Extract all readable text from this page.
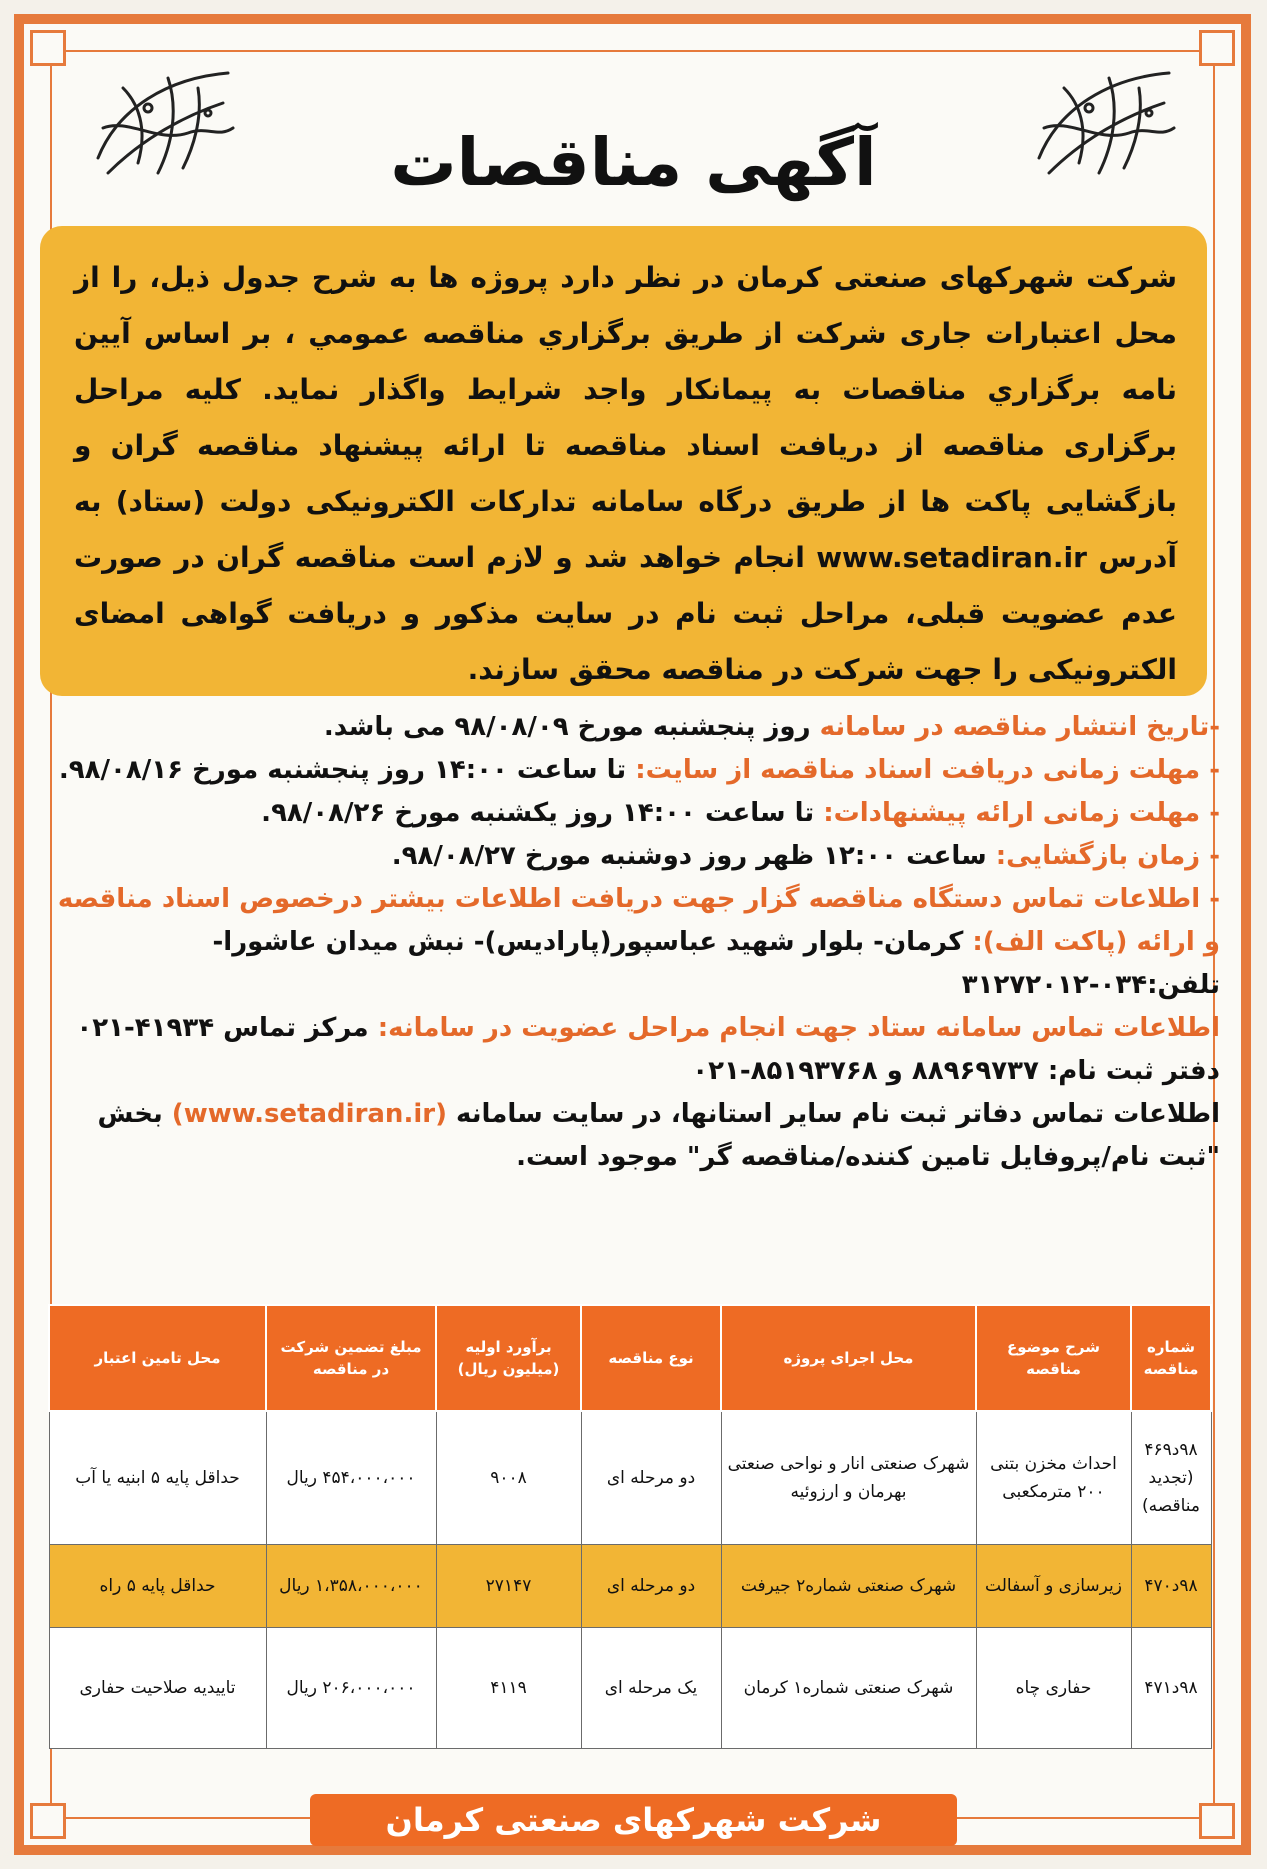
آگهی مناقصات
شرکت شهرکهای صنعتی کرمان در نظر دارد پروژه ها به شرح جدول ذیل، را از محل اعتبارات جاری شرکت از طریق برگزاري مناقصه عمومي ، بر اساس آیین نامه برگزاري مناقصات به پیمانکار واجد شرایط واگذار نماید. کلیه مراحل برگزاری مناقصه از دریافت اسناد مناقصه تا ارائه پیشنهاد مناقصه گران و بازگشایی پاکت ها از طریق درگاه سامانه تدارکات الکترونیکی دولت (ستاد) به آدرس www.setadiran.ir انجام خواهد شد و لازم است مناقصه گران در صورت عدم عضویت قبلی، مراحل ثبت نام در سایت مذکور و دریافت گواهی امضای الکترونیکی را جهت شرکت در مناقصه محقق سازند.

-تاریخ انتشار مناقصه در سامانه روز پنجشنبه مورخ ۹۸/۰۸/۰۹ می باشد.

- مهلت زمانی دریافت اسناد مناقصه از سایت: تا ساعت ۱۴:۰۰ روز پنجشنبه مورخ ۹۸/۰۸/۱۶.

- مهلت زمانی ارائه پیشنهادات: تا ساعت ۱۴:۰۰ روز یکشنبه مورخ ۹۸/۰۸/۲۶.

- زمان بازگشایی: ساعت ۱۲:۰۰ ظهر روز دوشنبه مورخ ۹۸/۰۸/۲۷.

- اطلاعات تماس دستگاه مناقصه گزار جهت دریافت اطلاعات بیشتر درخصوص اسناد مناقصه و ارائه (پاکت الف): کرمان- بلوار شهید عباسپور(پارادیس)- نبش میدان عاشورا- تلفن:۰۳۴-۳۱۲۷۲۰۱۲

اطلاعات تماس سامانه ستاد جهت انجام مراحل عضویت در سامانه: مرکز تماس ۴۱۹۳۴-۰۲۱

دفتر ثبت نام: ۸۸۹۶۹۷۳۷ و ۸۵۱۹۳۷۶۸-۰۲۱

اطلاعات تماس دفاتر ثبت نام سایر استانها، در سایت سامانه (www.setadiran.ir) بخش "ثبت نام/پروفایل تامین کننده/مناقصه گر" موجود است.

شماره مناقصه	شرح موضوع مناقصه	محل اجرای پروژه	نوع مناقصه	برآورد اولیه (میلیون ریال)	مبلغ تضمین شرکت در مناقصه	محل تامین اعتبار
۹۸د۴۶۹ (تجدید مناقصه)	احداث مخزن بتنی ۲۰۰ مترمکعبی	شهرک صنعتی انار و نواحی صنعتی بهرمان و ارزوئیه	دو مرحله ای	۹۰۰۸	۴۵۴،۰۰۰،۰۰۰ ریال	حداقل پایه ۵ ابنیه یا آب
۹۸د۴۷۰	زیرسازی و آسفالت	شهرک صنعتی شماره۲ جیرفت	دو مرحله ای	۲۷۱۴۷	۱،۳۵۸،۰۰۰،۰۰۰ ریال	حداقل پایه ۵ راه
۹۸د۴۷۱	حفاری چاه	شهرک صنعتی شماره۱ کرمان	یک مرحله ای	۴۱۱۹	۲۰۶،۰۰۰،۰۰۰ ریال	تاییدیه صلاحیت حفاری
شرکت شهرکهای صنعتی کرمان
